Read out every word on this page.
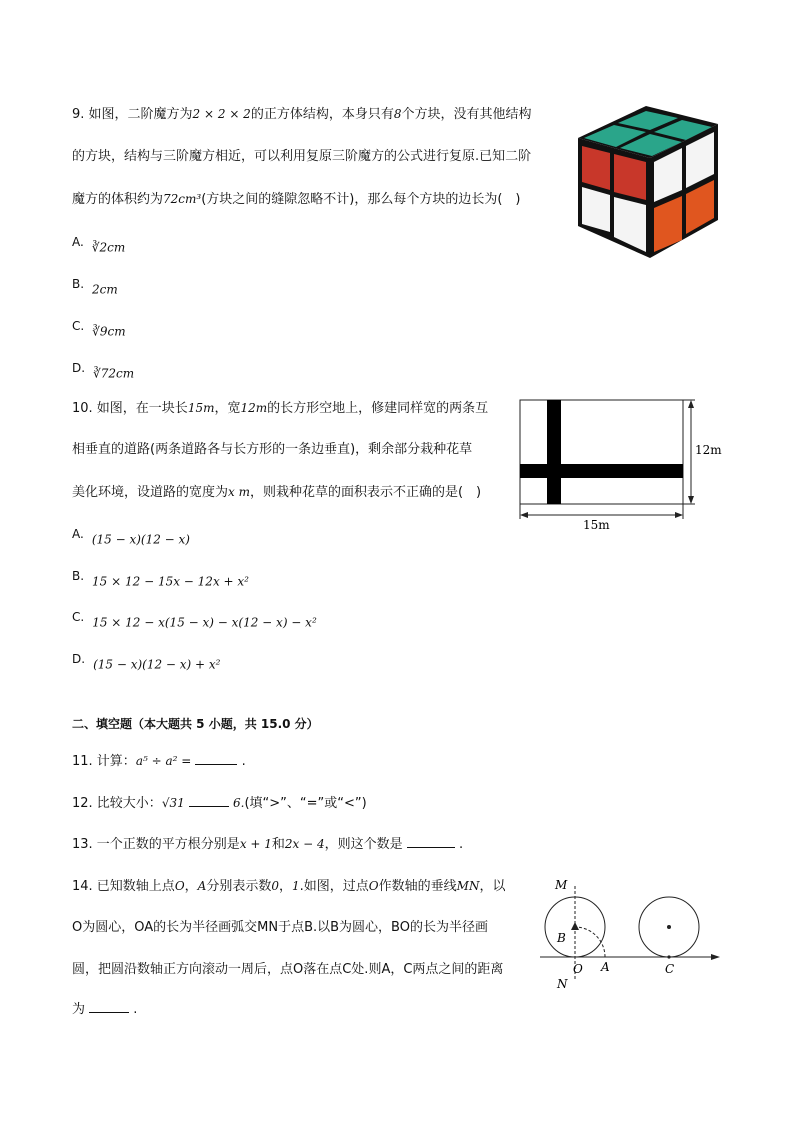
9. 如图，二阶魔方为2 × 2 × 2的正方体结构，本身只有8个方块，没有其他结构
的方块，结构与三阶魔方相近，可以利用复原三阶魔方的公式进行复原.已知二阶
魔方的体积约为72cm³(方块之间的缝隙忽略不计)，那么每个方块的边长为(　)
A. ∛2cm
B. 2cm
C. ∛9cm
D. ∛72cm
10. 如图，在一块长15m，宽12m的长方形空地上，修建同样宽的两条互
相垂直的道路(两条道路各与长方形的一条边垂直)，剩余部分栽种花草
美化环境，设道路的宽度为x m，则栽种花草的面积表示不正确的是(　)
A. (15 − x)(12 − x)
B. 15 × 12 − 15x − 12x + x²
C. 15 × 12 − x(15 − x) − x(12 − x) − x²
D. (15 − x)(12 − x) + x²
12m
15m
二、填空题（本大题共 5 小题，共 15.0 分）
11. 计算：a⁵ ÷ a² =	.
12. 比较大小：√31	6.(填“>”、“=”或“<”)
13. 一个正数的平方根分别是x + 1和2x − 4，则这个数是	.
14. 已知数轴上点O，A分别表示数0，1.如图，过点O作数轴的垂线MN，以
O为圆心，OA的长为半径画弧交MN于点B.以B为圆心，BO的长为半径画
圆，把圆沿数轴正方向滚动一周后，点O落在点C处.则A，C两点之间的距离
为	.
M
B
O A	C
N
